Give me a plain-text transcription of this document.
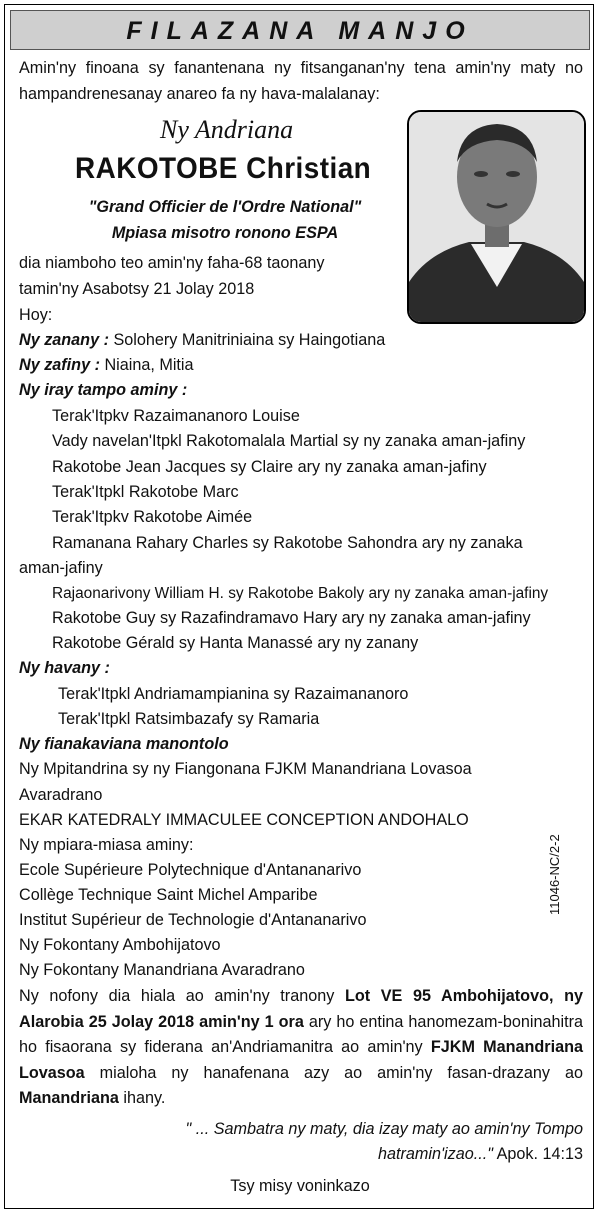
FILAZANA MANJO
Amin'ny finoana sy fanantenana ny fitsanganan'ny tena amin'ny maty no hampandrenesanay anareo fa ny hava-malalanay:
Ny Andriana
RAKOTOBE Christian
"Grand Officier de l'Ordre National"
Mpiasa misotro ronono ESPA
dia niamboho teo amin'ny faha-68 taonany
tamin'ny Asabotsy 21 Jolay 2018
Hoy:
Ny zanany : Solohery Manitriniaina sy Haingotiana
Ny zafiny : Niaina, Mitia
Ny iray tampo aminy :
Terak'Itpkv Razaimananoro Louise
Vady navelan'Itpkl Rakotomalala Martial sy ny zanaka aman-jafiny
Rakotobe Jean Jacques sy Claire ary ny zanaka aman-jafiny
Terak'Itpkl Rakotobe Marc
Terak'Itpkv Rakotobe Aimée
Ramanana Rahary Charles sy Rakotobe Sahondra ary ny zanaka
aman-jafiny
Rajaonarivony William H. sy Rakotobe Bakoly ary ny zanaka aman-jafiny
Rakotobe Guy sy Razafindramavo Hary ary ny zanaka aman-jafiny
Rakotobe Gérald sy Hanta Manassé ary ny zanany
Ny havany :
Terak'Itpkl Andriamampianina sy Razaimananoro
Terak'Itpkl Ratsimbazafy sy Ramaria
Ny fianakaviana manontolo
Ny Mpitandrina sy ny Fiangonana FJKM Manandriana Lovasoa
Avaradrano
EKAR KATEDRALY IMMACULEE CONCEPTION ANDOHALO
Ny mpiara-miasa aminy:
Ecole Supérieure Polytechnique d'Antananarivo
Collège Technique Saint Michel Amparibe
Institut Supérieur de Technologie d'Antananarivo
Ny Fokontany Ambohijatovo
Ny Fokontany Manandriana Avaradrano
11046-NC/2-2
Ny nofony dia hiala ao amin'ny tranony Lot VE 95 Ambohijatovo, ny Alarobia 25 Jolay 2018 amin'ny 1 ora ary ho entina hanomezam-boninahitra ho fisaorana sy fiderana an'Andriamanitra ao amin'ny FJKM Manandriana Lovasoa mialoha ny hanafenana azy ao amin'ny fasan-drazany ao Manandriana ihany.
" ... Sambatra ny maty, dia izay maty ao amin'ny Tompo
hatramin'izao..." Apok. 14:13
Tsy misy voninkazo
